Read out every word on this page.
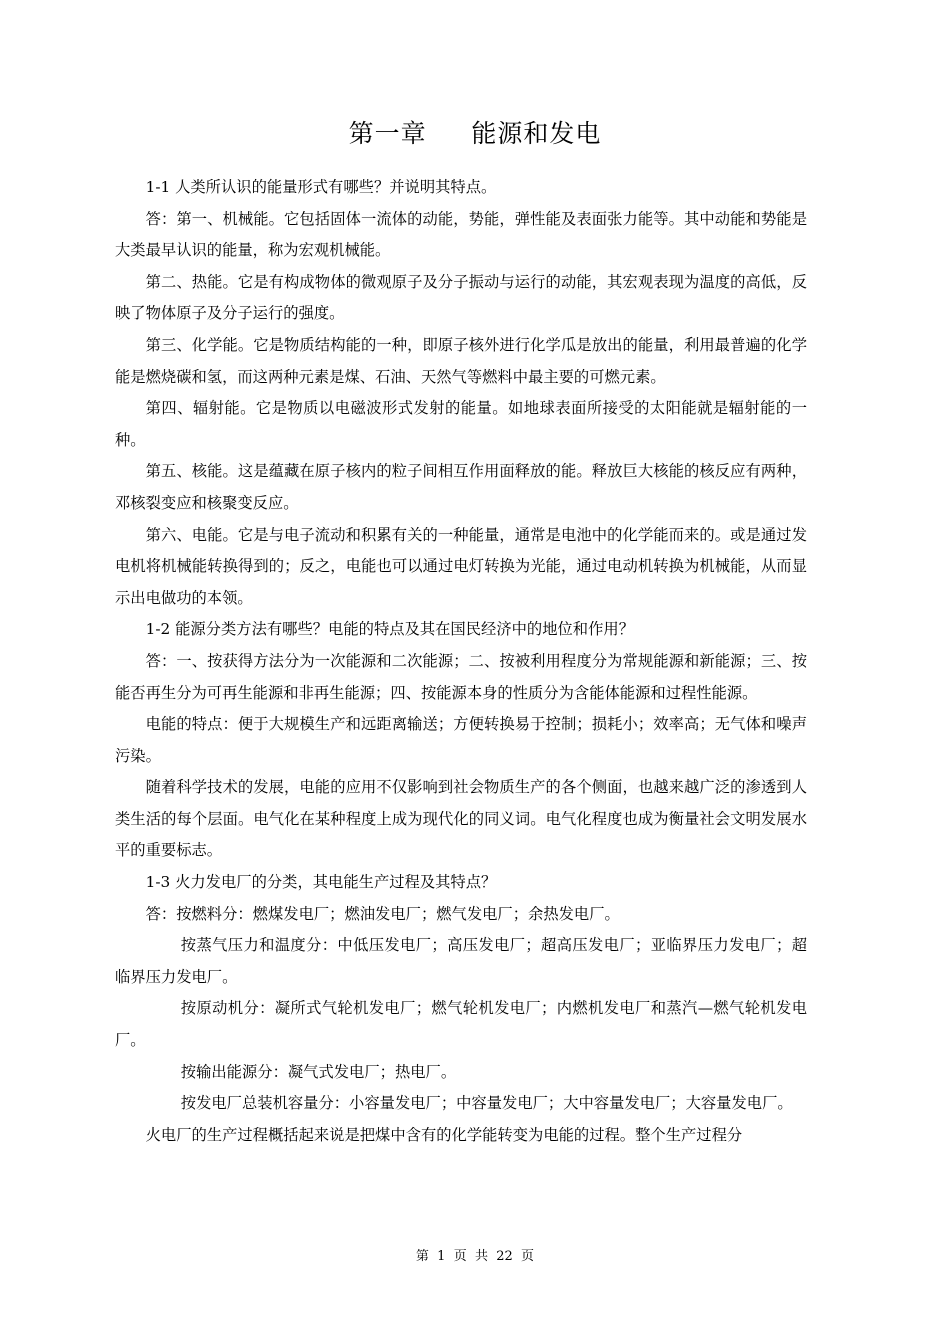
第一章     能源和发电

1-1 人类所认识的能量形式有哪些？并说明其特点。

答：第一、机械能。它包括固体一流体的动能，势能，弹性能及表面张力能等。其中动能和势能是大类最早认识的能量，称为宏观机械能。

第二、热能。它是有构成物体的微观原子及分子振动与运行的动能，其宏观表现为温度的高低，反映了物体原子及分子运行的强度。

第三、化学能。它是物质结构能的一种，即原子核外进行化学瓜是放出的能量，利用最普遍的化学能是燃烧碳和氢，而这两种元素是煤、石油、天然气等燃料中最主要的可燃元素。

第四、辐射能。它是物质以电磁波形式发射的能量。如地球表面所接受的太阳能就是辐射能的一种。

第五、核能。这是蕴藏在原子核内的粒子间相互作用面释放的能。释放巨大核能的核反应有两种，邓核裂变应和核聚变反应。

第六、电能。它是与电子流动和积累有关的一种能量，通常是电池中的化学能而来的。或是通过发电机将机械能转换得到的；反之，电能也可以通过电灯转换为光能，通过电动机转换为机械能，从而显示出电做功的本领。

1-2 能源分类方法有哪些？电能的特点及其在国民经济中的地位和作用？

答：一、按获得方法分为一次能源和二次能源；二、按被利用程度分为常规能源和新能源；三、按能否再生分为可再生能源和非再生能源；四、按能源本身的性质分为含能体能源和过程性能源。

电能的特点：便于大规模生产和远距离输送；方便转换易于控制；损耗小；效率高；无气体和噪声污染。

随着科学技术的发展，电能的应用不仅影响到社会物质生产的各个侧面，也越来越广泛的渗透到人类生活的每个层面。电气化在某种程度上成为现代化的同义词。电气化程度也成为衡量社会文明发展水平的重要标志。

1-3 火力发电厂的分类，其电能生产过程及其特点？

答：按燃料分：燃煤发电厂；燃油发电厂；燃气发电厂；余热发电厂。

按蒸气压力和温度分：中低压发电厂；高压发电厂；超高压发电厂；亚临界压力发电厂；超临界压力发电厂。

按原动机分：凝所式气轮机发电厂；燃气轮机发电厂；内燃机发电厂和蒸汽—燃气轮机发电厂。

按输出能源分：凝气式发电厂；热电厂。

按发电厂总装机容量分：小容量发电厂；中容量发电厂；大中容量发电厂；大容量发电厂。

火电厂的生产过程概括起来说是把煤中含有的化学能转变为电能的过程。整个生产过程分

第  1  页  共  22  页
